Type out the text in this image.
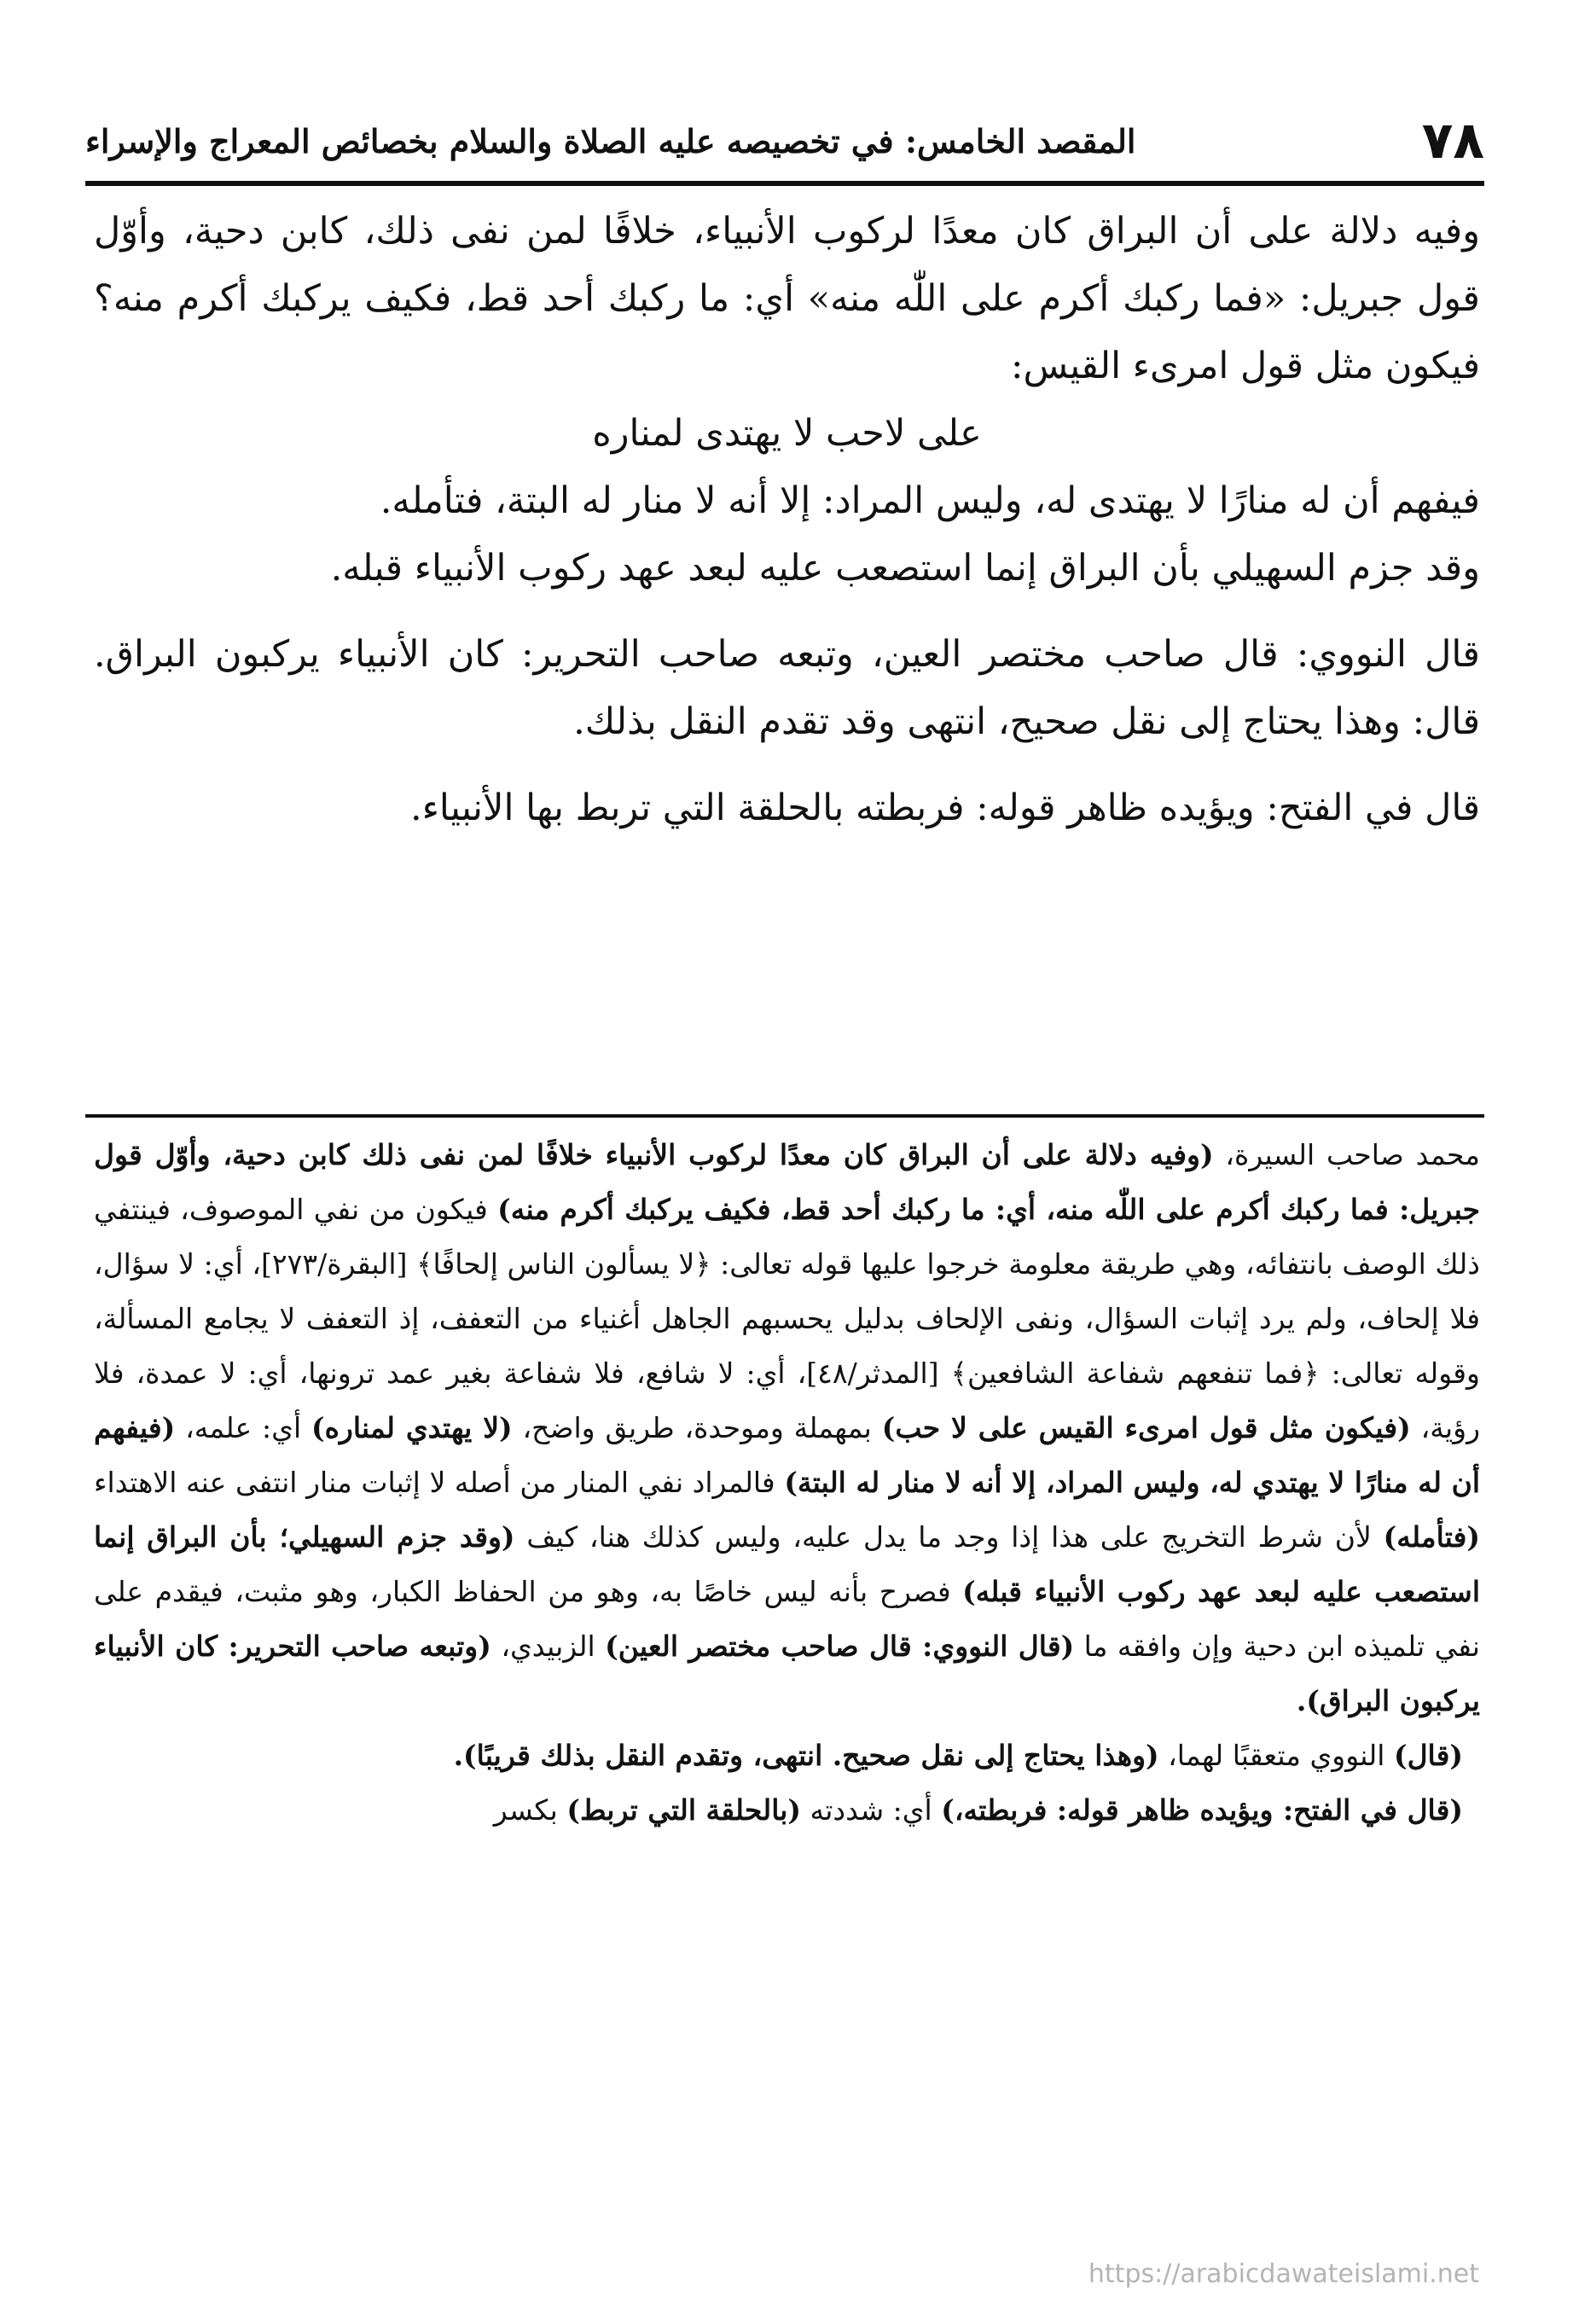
٧٨
المقصد الخامس: في تخصيصه عليه الصلاة والسلام بخصائص المعراج والإسراء

وفيه دلالة على أن البراق كان معدًا لركوب الأنبياء، خلافًا لمن نفى ذلك، كابن دحية، وأوّل قول جبريل: «فما ركبك أكرم على اللّٰه منه» أي: ما ركبك أحد قط، فكيف يركبك أكرم منه؟ فيكون مثل قول امرىء القيس:

على لاحب لا يهتدى لمناره

فيفهم أن له منارًا لا يهتدى له، وليس المراد: إلا أنه لا منار له البتة، فتأمله.

وقد جزم السهيلي بأن البراق إنما استصعب عليه لبعد عهد ركوب الأنبياء قبله.

قال النووي: قال صاحب مختصر العين، وتبعه صاحب التحرير: كان الأنبياء يركبون البراق. قال: وهذا يحتاج إلى نقل صحيح، انتهى وقد تقدم النقل بذلك.

قال في الفتح: ويؤيده ظاهر قوله: فربطته بالحلقة التي تربط بها الأنبياء.

محمد صاحب السيرة، (وفيه دلالة على أن البراق كان معدًا لركوب الأنبياء خلافًا لمن نفى ذلك كابن دحية، وأوّل قول جبريل: فما ركبك أكرم على اللّٰه منه، أي: ما ركبك أحد قط، فكيف يركبك أكرم منه) فيكون من نفي الموصوف، فينتفي ذلك الوصف بانتفائه، وهي طريقة معلومة خرجوا عليها قوله تعالى: ﴿لا يسألون الناس إلحافًا﴾ [البقرة/٢٧٣]، أي: لا سؤال، فلا إلحاف، ولم يرد إثبات السؤال، ونفى الإلحاف بدليل يحسبهم الجاهل أغنياء من التعفف، إذ التعفف لا يجامع المسألة، وقوله تعالى: ﴿فما تنفعهم شفاعة الشافعين﴾ [المدثر/٤٨]، أي: لا شافع، فلا شفاعة بغير عمد ترونها، أي: لا عمدة، فلا رؤية، (فيكون مثل قول امرىء القيس على لا حب) بمهملة وموحدة، طريق واضح، (لا يهتدي لمناره) أي: علمه، (فيفهم أن له منارًا لا يهتدي له، وليس المراد، إلا أنه لا منار له البتة) فالمراد نفي المنار من أصله لا إثبات منار انتفى عنه الاهتداء (فتأمله) لأن شرط التخريج على هذا إذا وجد ما يدل عليه، وليس كذلك هنا، كيف (وقد جزم السهيلي؛ بأن البراق إنما استصعب عليه لبعد عهد ركوب الأنبياء قبله) فصرح بأنه ليس خاصًا به، وهو من الحفاظ الكبار، وهو مثبت، فيقدم على نفي تلميذه ابن دحية وإن وافقه ما (قال النووي: قال صاحب مختصر العين) الزبيدي، (وتبعه صاحب التحرير: كان الأنبياء يركبون البراق).

(قال) النووي متعقبًا لهما، (وهذا يحتاج إلى نقل صحيح. انتهى، وتقدم النقل بذلك قريبًا).

(قال في الفتح: ويؤيده ظاهر قوله: فربطته،) أي: شددته (بالحلقة التي تربط) بكسر

https://arabicdawateislami.net
